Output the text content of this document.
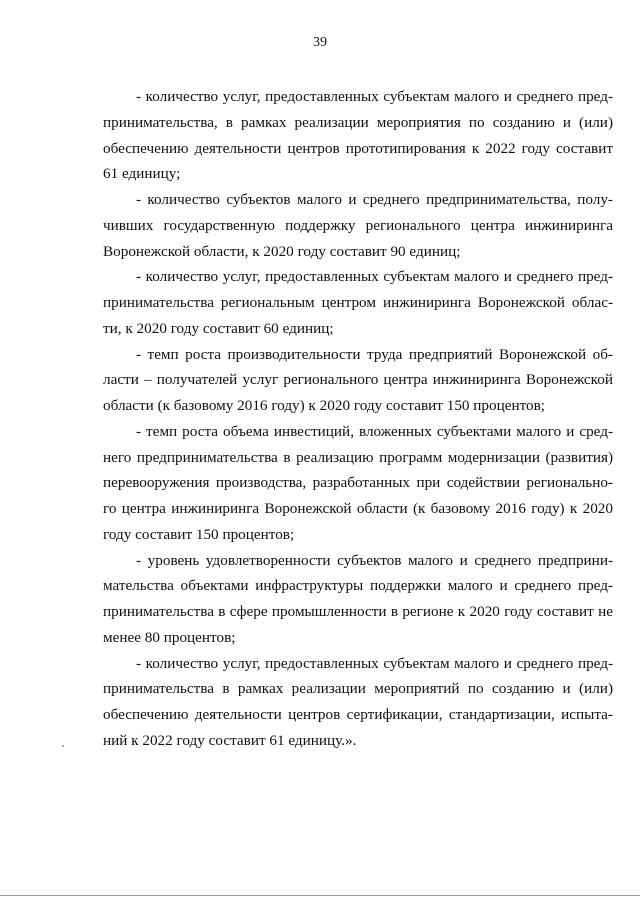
39
- количество услуг, предоставленных субъектам малого и среднего пред-
принимательства, в рамках реализации мероприятия по созданию и (или)
обеспечению деятельности центров прототипирования к 2022 году составит
61 единицу;
- количество субъектов малого и среднего предпринимательства, полу-
чивших государственную поддержку регионального центра инжиниринга
Воронежской области, к 2020 году составит 90 единиц;
- количество услуг, предоставленных субъектам малого и среднего пред-
принимательства региональным центром инжиниринга Воронежской облас-
ти, к 2020 году составит 60 единиц;
- темп роста производительности труда предприятий Воронежской об-
ласти – получателей услуг регионального центра инжиниринга Воронежской
области (к базовому 2016 году) к 2020 году составит 150 процентов;
- темп роста объема инвестиций, вложенных субъектами малого и сред-
него предпринимательства в реализацию программ модернизации (развития)
перевооружения производства, разработанных при содействии регионально-
го центра инжиниринга Воронежской области (к базовому 2016 году) к 2020
году составит 150 процентов;
- уровень удовлетворенности субъектов малого и среднего предприни-
мательства объектами инфраструктуры поддержки малого и среднего пред-
принимательства в сфере промышленности в регионе к 2020 году составит не
менее 80 процентов;
- количество услуг, предоставленных субъектам малого и среднего пред-
принимательства в рамках реализации мероприятий по созданию и (или)
обеспечению деятельности центров сертификации, стандартизации, испыта-
ний к 2022 году составит 61 единицу.».
